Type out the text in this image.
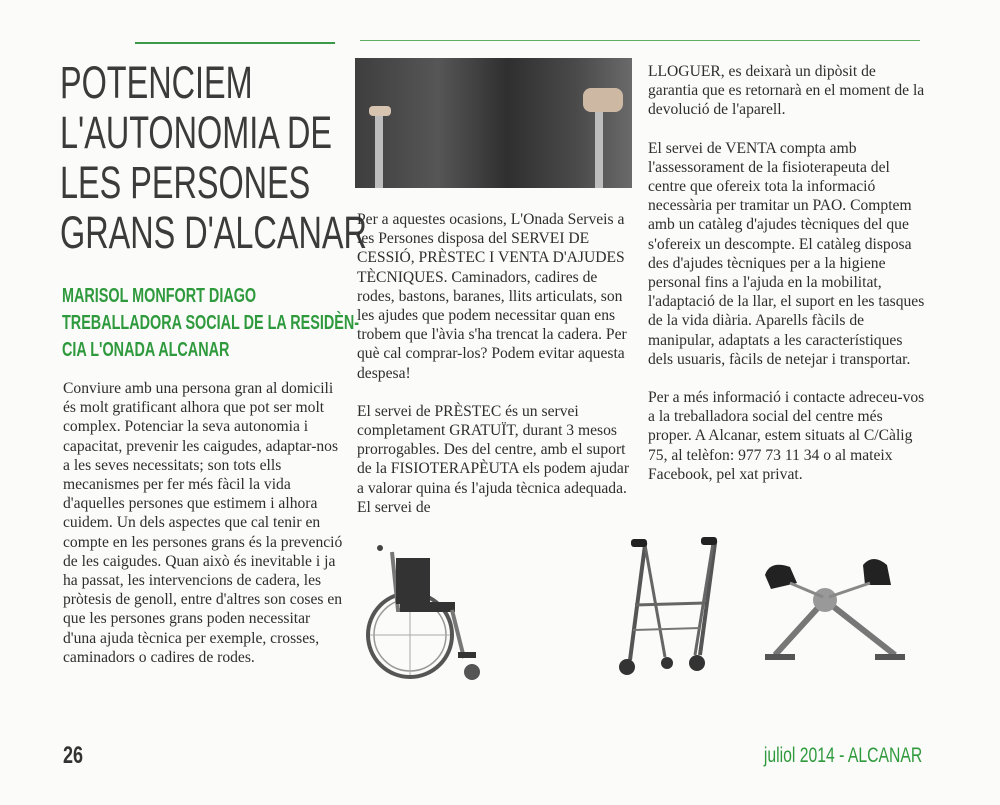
POTENCIEM
L'AUTONOMIA DE
LES PERSONES
GRANS D'ALCANAR
MARISOL MONFORT DIAGO
TREBALLADORA SOCIAL DE LA RESIDÈN-
CIA L'ONADA ALCANAR

Conviure amb una persona gran al domicili és molt gratificant alhora que pot ser molt complex. Potenciar la seva autonomia i capacitat, prevenir les caigudes, adaptar-nos a les seves necessitats; son tots ells mecanismes per fer més fàcil la vida d'aquelles persones que estimem i alhora cuidem. Un dels aspectes que cal tenir en compte en les persones grans és la prevenció de les caigudes. Quan això és inevitable i ja ha passat, les intervencions de cadera, les pròtesis de genoll, entre d'altres son coses en que les persones grans poden necessitar d'una ajuda tècnica per exemple, crosses, caminadors o cadires de rodes.

Per a aquestes ocasions, L'Onada Serveis a les Persones disposa del SERVEI DE CESSIÓ, PRÈSTEC I VENTA D'AJUDES TÈCNIQUES. Caminadors, cadires de rodes, bastons, baranes, llits articulats, son les ajudes que podem necessitar quan ens trobem que l'àvia s'ha trencat la cadera. Per què cal comprar-los? Podem evitar aquesta despesa!

El servei de PRÈSTEC és un servei completament GRATUÏT, durant 3 mesos prorrogables. Des del centre, amb el suport de la FISIOTERAPÈUTA els podem ajudar a valorar quina és l'ajuda tècnica adequada. El servei de

LLOGUER, es deixarà un dipòsit de garantia que es retornarà en el moment de la devolució de l'aparell.

El servei de VENTA compta amb l'assessorament de la fisioterapeuta del centre que ofereix tota la informació necessària per tramitar un PAO. Comptem amb un catàleg d'ajudes tècniques del que s'ofereix un descompte. El catàleg disposa des d'ajudes tècniques per a la higiene personal fins a l'ajuda en la mobilitat, l'adaptació de la llar, el suport en les tasques de la vida diària. Aparells fàcils de manipular, adaptats a les característiques dels usuaris, fàcils de netejar i transportar.

Per a més informació i contacte adreceu-vos a la treballadora social del centre més proper. A Alcanar, estem situats al C/Càlig 75, al telèfon: 977 73 11 34 o al mateix Facebook, pel xat privat.

26	juliol 2014 - ALCANAR
